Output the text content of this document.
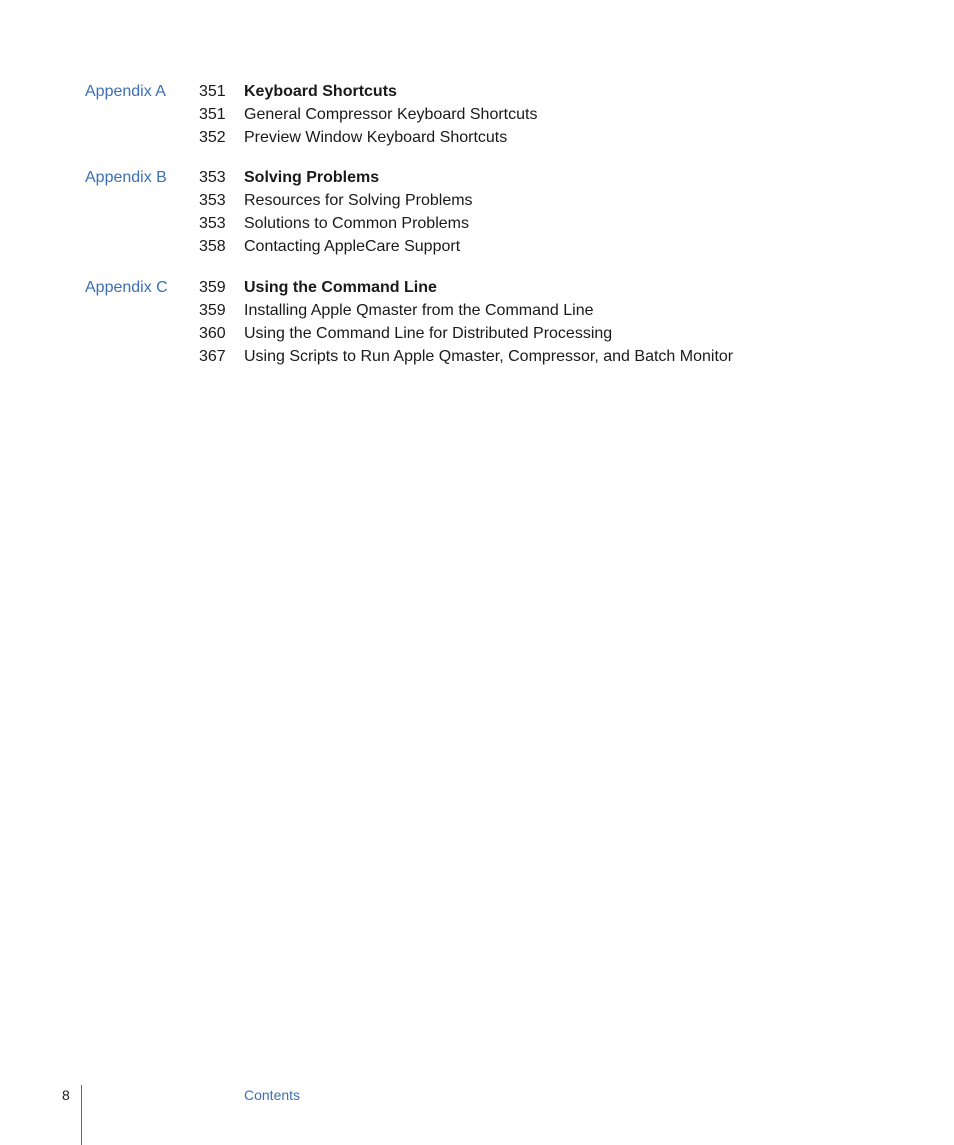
Appendix A 351 Keyboard Shortcuts
351 General Compressor Keyboard Shortcuts
352 Preview Window Keyboard Shortcuts
Appendix B 353 Solving Problems
353 Resources for Solving Problems
353 Solutions to Common Problems
358 Contacting AppleCare Support
Appendix C 359 Using the Command Line
359 Installing Apple Qmaster from the Command Line
360 Using the Command Line for Distributed Processing
367 Using Scripts to Run Apple Qmaster, Compressor, and Batch Monitor
8	Contents
